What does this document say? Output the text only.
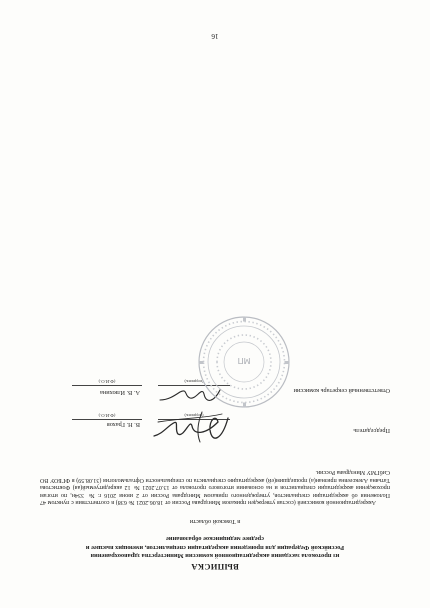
ВЫПИСКА
из протокола заседания аккредитационной комиссии Министерства здравоохранения Российской Федерации для проведения аккредитации специалистов, имеющих высшее и среднее медицинское образование
в Томской области
Аккредитационной комиссией (состав утвержден приказом Минздрава России от 18.06.2021 № 638) в соответствии с пунктом 47 Положения об аккредитации специалистов, утвержденного приказом Минздрава России от 2 июня 2016 г. № 334н, по итогам прохождения аккредитации специалистов и на основании итогового протокола от 13.07.2021 № 12 аккредитуемый(ая) Фоктистова Татьяна Алексеевна признан(а) прошедшим(ей) аккредитацию специалиста по специальности Офтальмология (31.08.59) в ФГБОУ ВО СибГМУ Минздрава России.
Председатель
(подпись)
В. Н. Грахов
(Ф.И.О.)
Ответственный секретарь комиссии
(подпись)
А. В. Илюхина
(Ф.И.О.)
МП
16
